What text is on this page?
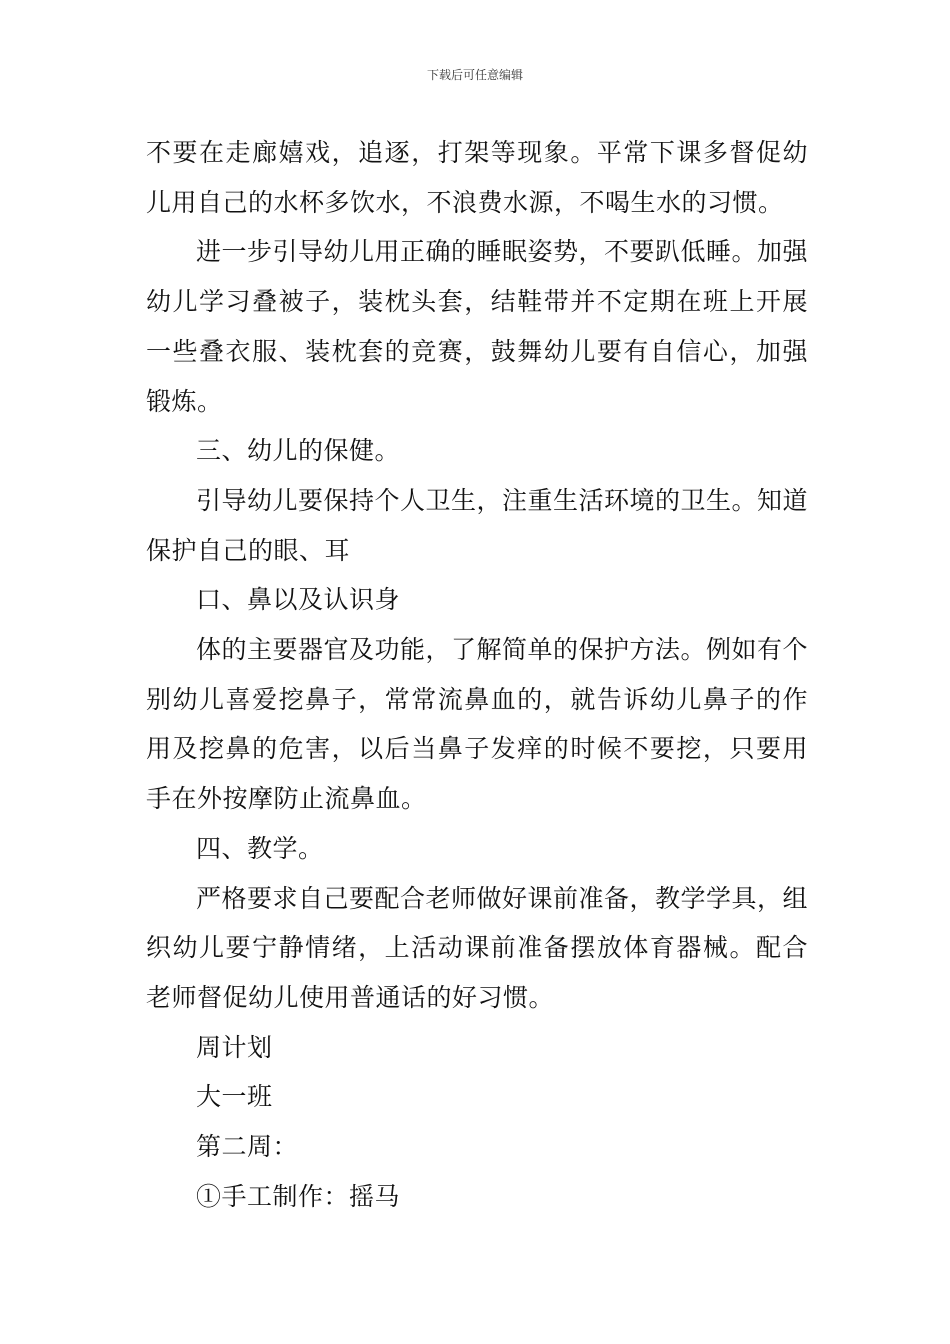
下载后可任意编辑

不要在走廊嬉戏，追逐，打架等现象。平常下课多督促幼儿用自己的水杯多饮水，不浪费水源，不喝生水的习惯。

进一步引导幼儿用正确的睡眠姿势，不要趴低睡。加强幼儿学习叠被子，装枕头套，结鞋带并不定期在班上开展一些叠衣服、装枕套的竞赛，鼓舞幼儿要有自信心，加强锻炼。

三、幼儿的保健。

引导幼儿要保持个人卫生，注重生活环境的卫生。知道保护自己的眼、耳

口、鼻以及认识身

体的主要器官及功能，了解简单的保护方法。例如有个别幼儿喜爱挖鼻子，常常流鼻血的，就告诉幼儿鼻子的作用及挖鼻的危害，以后当鼻子发痒的时候不要挖，只要用手在外按摩防止流鼻血。

四、教学。

严格要求自己要配合老师做好课前准备，教学学具，组织幼儿要宁静情绪，上活动课前准备摆放体育器械。配合老师督促幼儿使用普通话的好习惯。

周计划

大一班

第二周：

①手工制作：摇马
